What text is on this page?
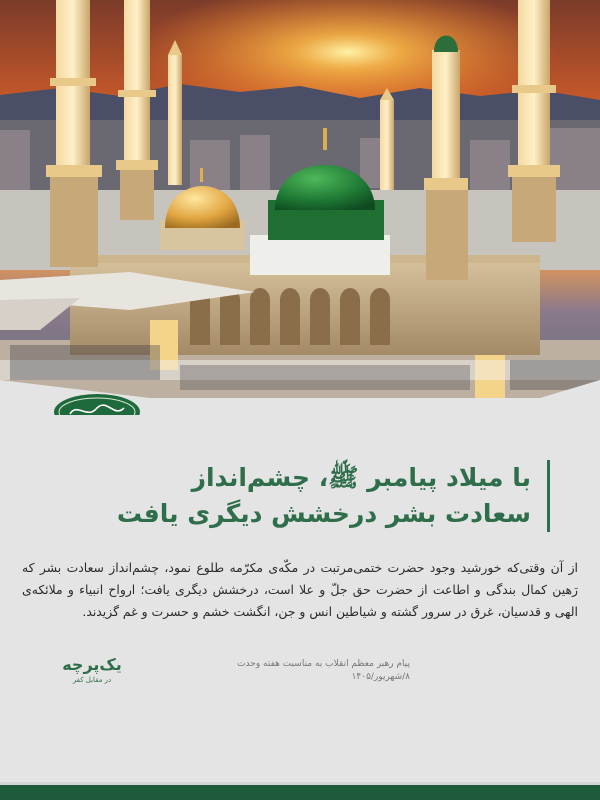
با میلاد پیامبر ﷺ، چشم‌انداز
سعادت بشر درخشش دیگری یافت
از آن وقتی‌که خورشید وجود حضرت ختمی‌مرتبت در مکّه‌ی مکرّمه طلوع نمود، چشم‌انداز سعادت بشر که رَهین کمال بندگی و اطاعت از حضرت حق جلّ و علا است، درخشش دیگری یافت؛ ارواح انبیاء و ملائکه‌ی الهی و قدسیان، غرق در سرور گشته و شیاطین انس و جن، انگشت خشم و حسرت و غم گزیدند.
پیام رهبر معظم انقلاب به مناسبت هفته وحدت
۸/شهریور/۱۴۰۵
یک‌پرچه
در مقابل کفر
